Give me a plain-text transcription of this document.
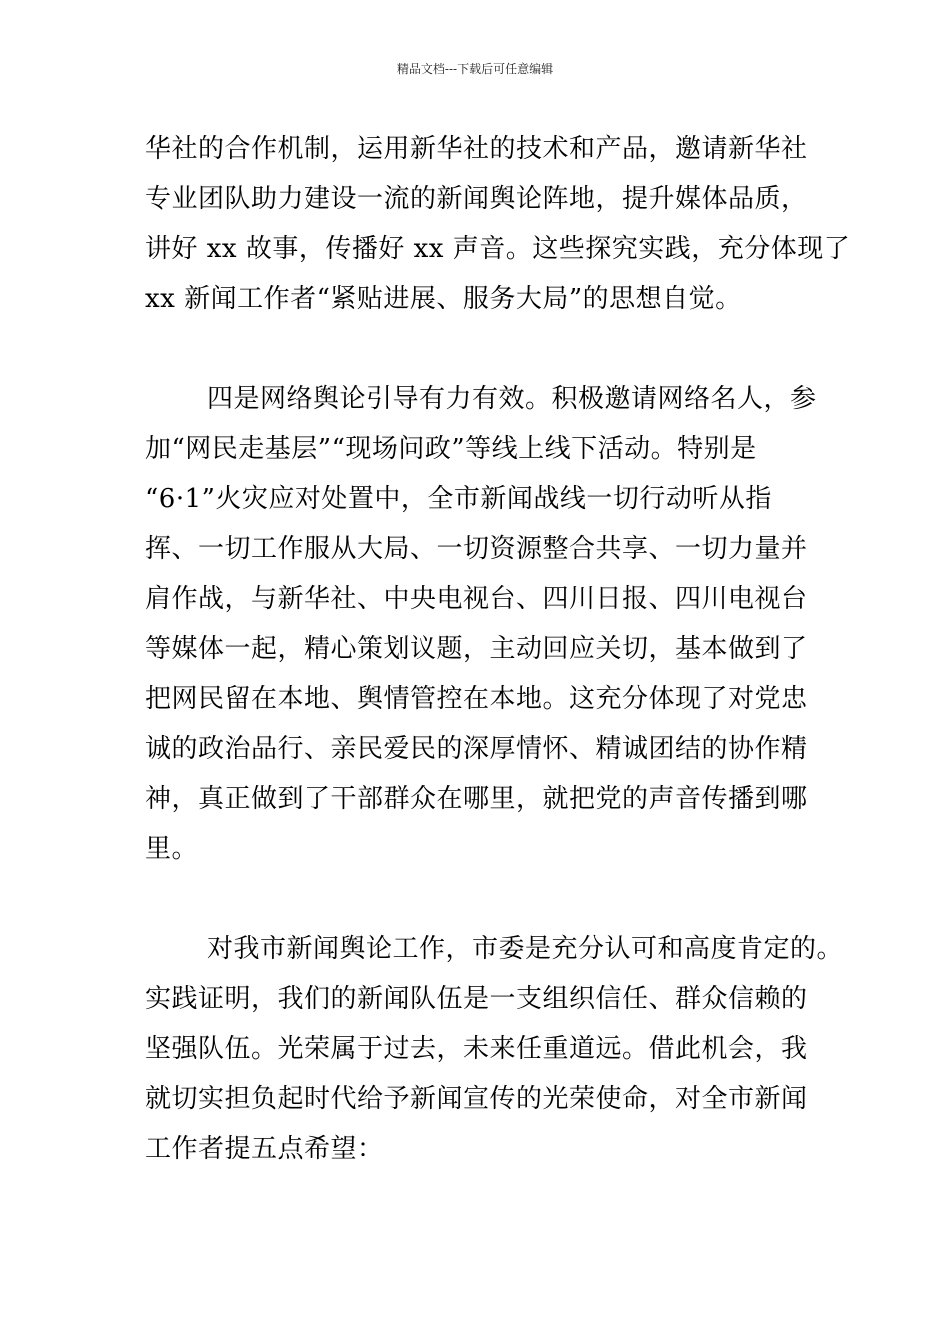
精品文档---下载后可任意编辑
华社的合作机制，运用新华社的技术和产品，邀请新华社
专业团队助力建设一流的新闻舆论阵地，提升媒体品质，
讲好 xx 故事，传播好 xx 声音。这些探究实践，充分体现了
xx 新闻工作者“紧贴进展、服务大局”的思想自觉。
四是网络舆论引导有力有效。积极邀请网络名人，参
加“网民走基层”“现场问政”等线上线下活动。特别是
“6·1”火灾应对处置中，全市新闻战线一切行动听从指
挥、一切工作服从大局、一切资源整合共享、一切力量并
肩作战，与新华社、中央电视台、四川日报、四川电视台
等媒体一起，精心策划议题，主动回应关切，基本做到了
把网民留在本地、舆情管控在本地。这充分体现了对党忠
诚的政治品行、亲民爱民的深厚情怀、精诚团结的协作精
神，真正做到了干部群众在哪里，就把党的声音传播到哪
里。
对我市新闻舆论工作，市委是充分认可和高度肯定的。
实践证明，我们的新闻队伍是一支组织信任、群众信赖的
坚强队伍。光荣属于过去，未来任重道远。借此机会，我
就切实担负起时代给予新闻宣传的光荣使命，对全市新闻
工作者提五点希望：
